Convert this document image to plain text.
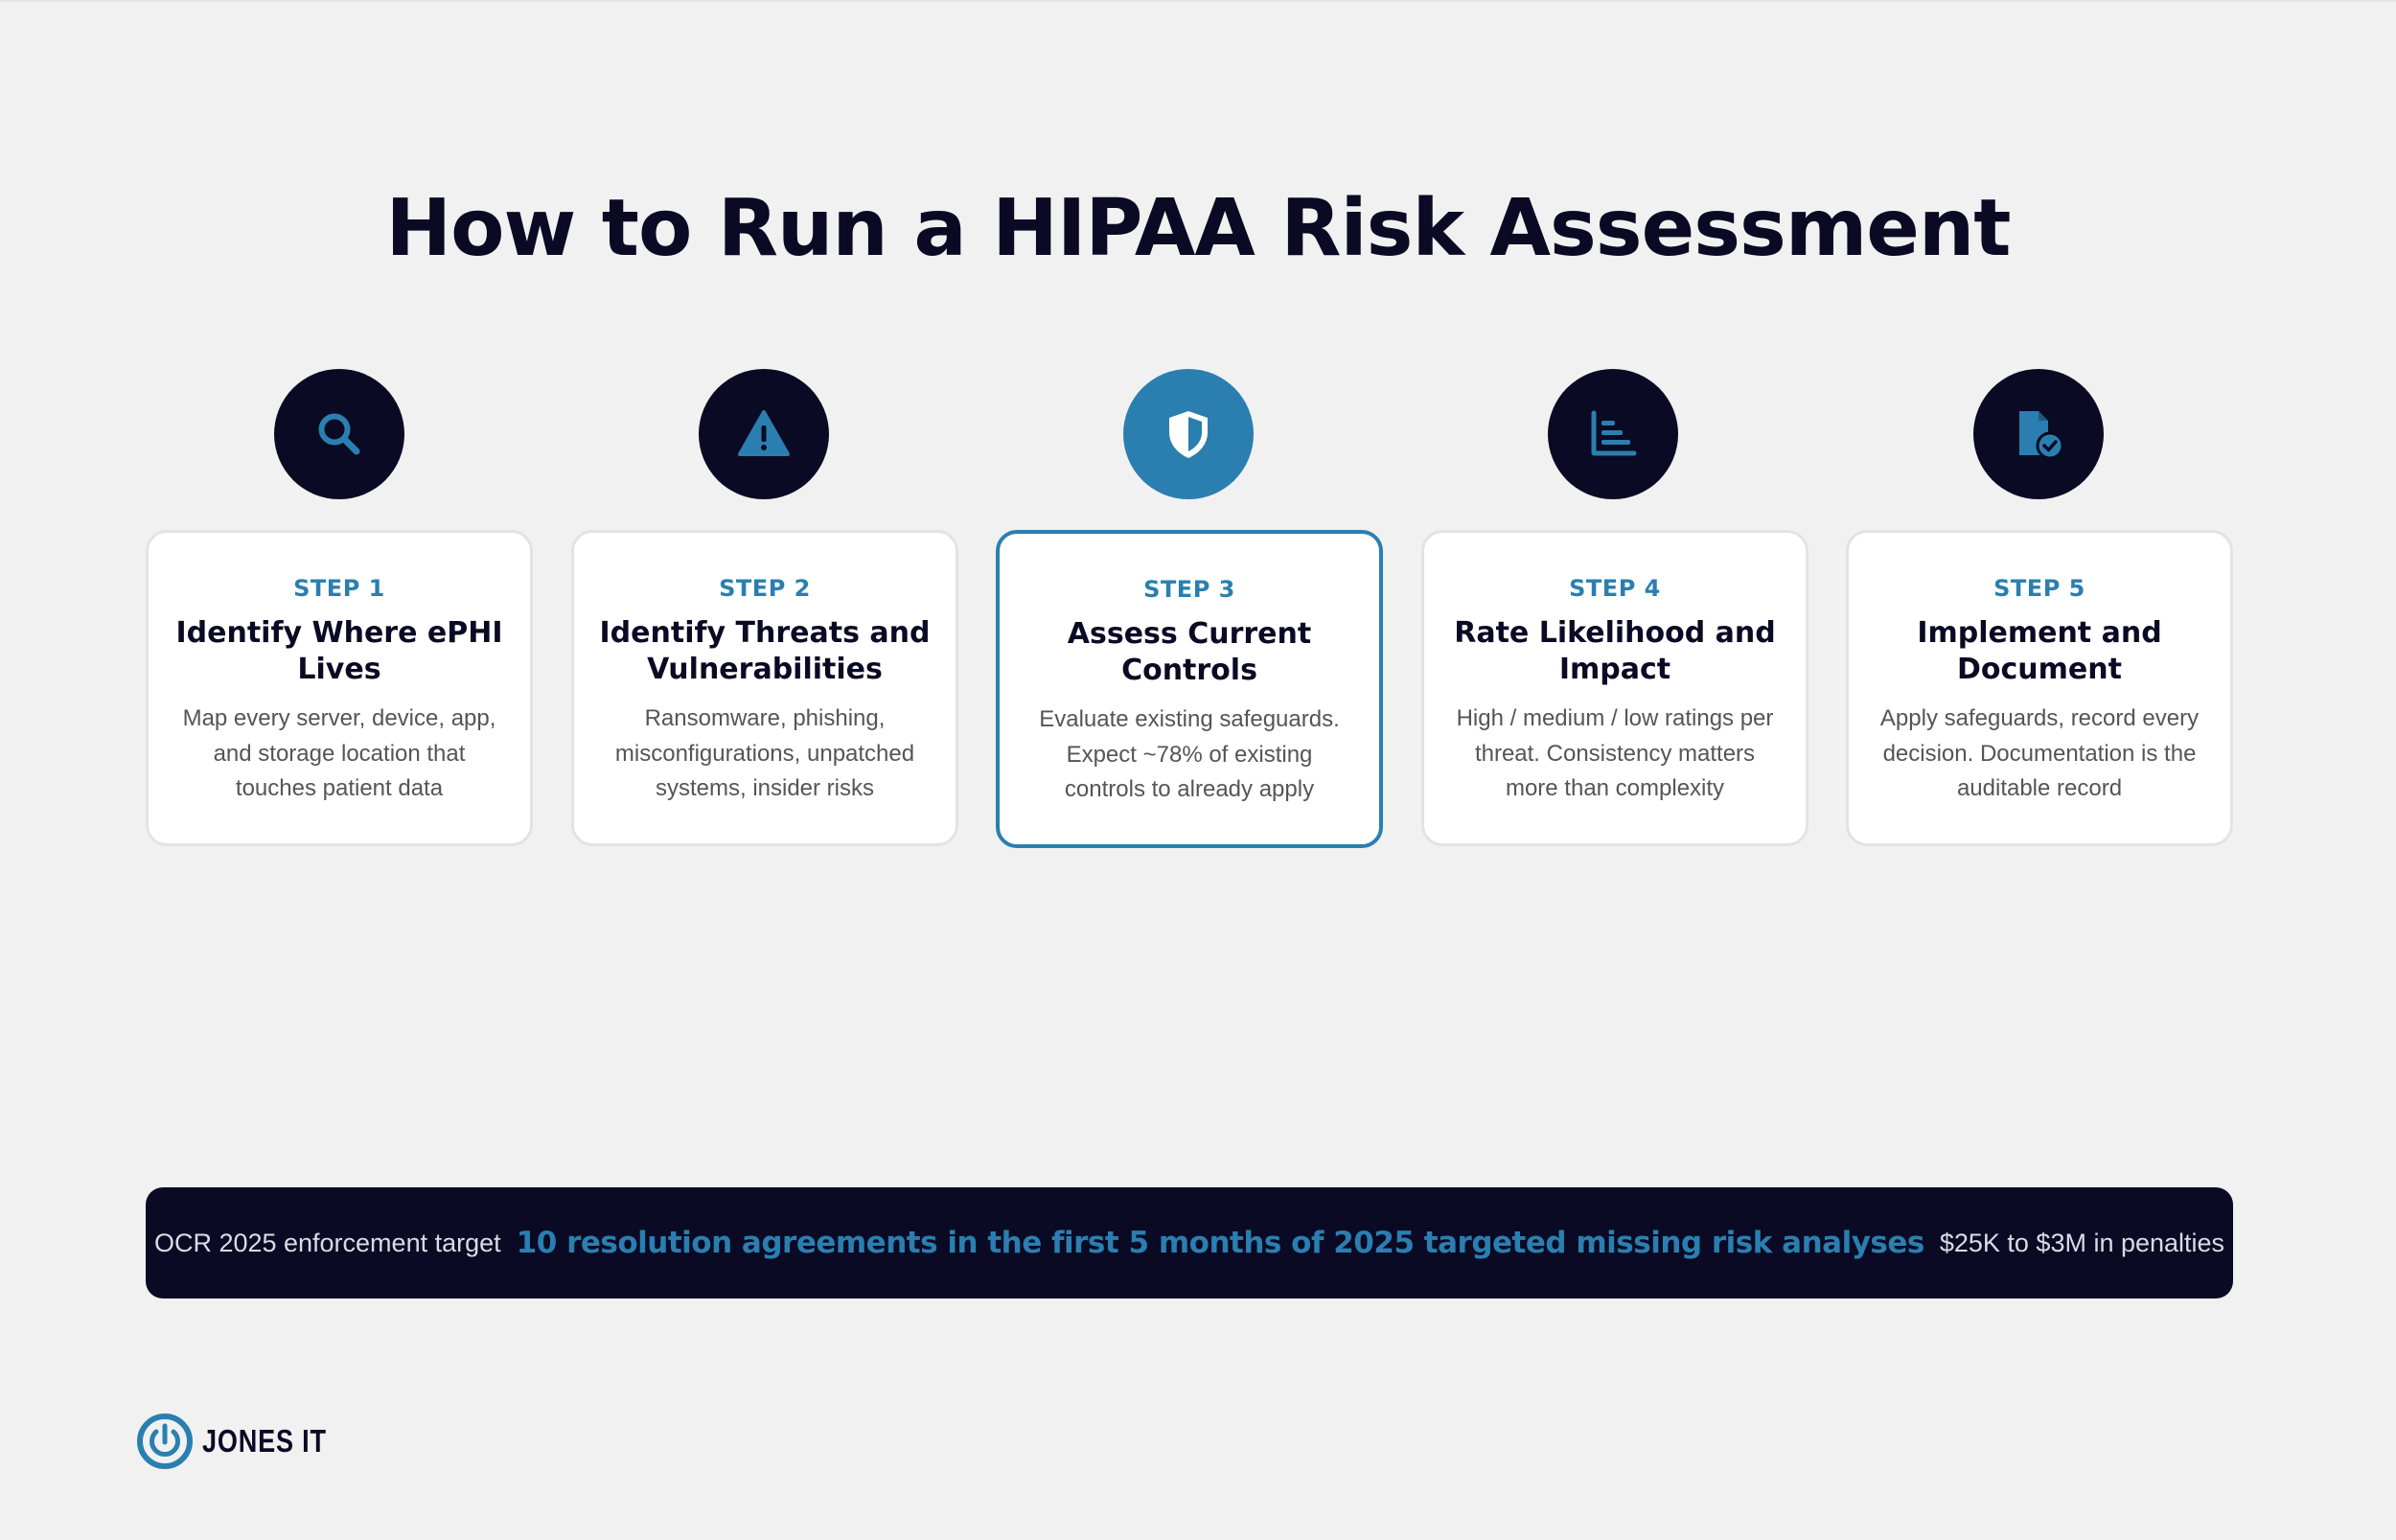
How to Run a HIPAA Risk Assessment
STEP 1
Identify Where ePHI Lives
Map every server, device, app, and storage location that touches patient data
STEP 2
Identify Threats and Vulnerabilities
Ransomware, phishing, misconfigurations, unpatched systems, insider risks
STEP 3
Assess Current Controls
Evaluate existing safeguards. Expect ~78% of existing controls to already apply
STEP 4
Rate Likelihood and Impact
High / medium / low ratings per threat. Consistency matters more than complexity
STEP 5
Implement and Document
Apply safeguards, record every decision. Documentation is the auditable record
OCR 2025 enforcement target 10 resolution agreements in the first 5 months of 2025 targeted missing risk analyses $25K to $3M in penalties
JONES IT
